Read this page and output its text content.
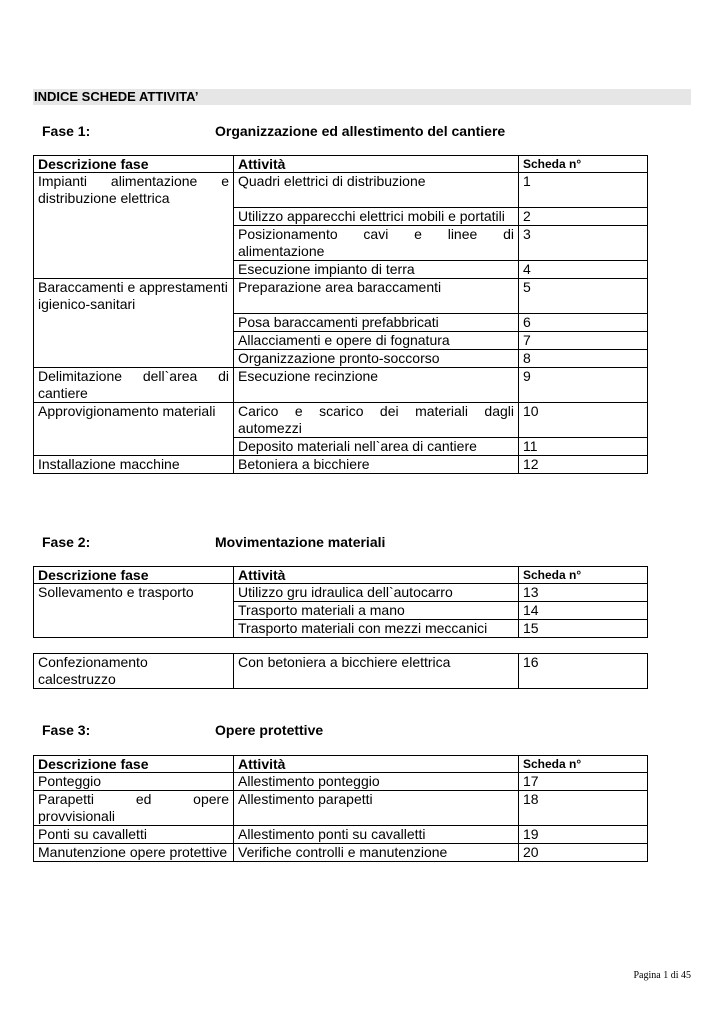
INDICE SCHEDE ATTIVITA’
Fase 1:	Organizzazione ed allestimento del cantiere
Descrizione fase	Attività	Scheda n°
Impianti alimentazione e distribuzione elettrica	Quadri elettrici di distribuzione	1
	Utilizzo apparecchi elettrici mobili e portatili	2
	Posizionamento cavi e linee di alimentazione	3
	Esecuzione impianto di terra	4
Baraccamenti e apprestamenti igienico-sanitari	Preparazione area baraccamenti	5
	Posa baraccamenti prefabbricati	6
	Allacciamenti e opere di fognatura	7
	Organizzazione pronto-soccorso	8
Delimitazione dell`area di cantiere	Esecuzione recinzione	9
Approvigionamento materiali	Carico e scarico dei materiali dagli automezzi	10
	Deposito materiali nell`area di cantiere	11
Installazione macchine	Betoniera a bicchiere	12
Fase 2:	Movimentazione materiali
Descrizione fase	Attività	Scheda n°
Sollevamento e trasporto	Utilizzo gru idraulica dell`autocarro	13
	Trasporto materiali a mano	14
	Trasporto materiali con mezzi meccanici	15
Confezionamento calcestruzzo	Con betoniera a bicchiere elettrica	16
Fase 3:	Opere protettive
Descrizione fase	Attività	Scheda n°
Ponteggio	Allestimento ponteggio	17
Parapetti ed opere provvisionali	Allestimento parapetti	18
Ponti su cavalletti	Allestimento ponti su cavalletti	19
Manutenzione opere protettive	Verifiche controlli e manutenzione	20
Pagina 1 di 45
